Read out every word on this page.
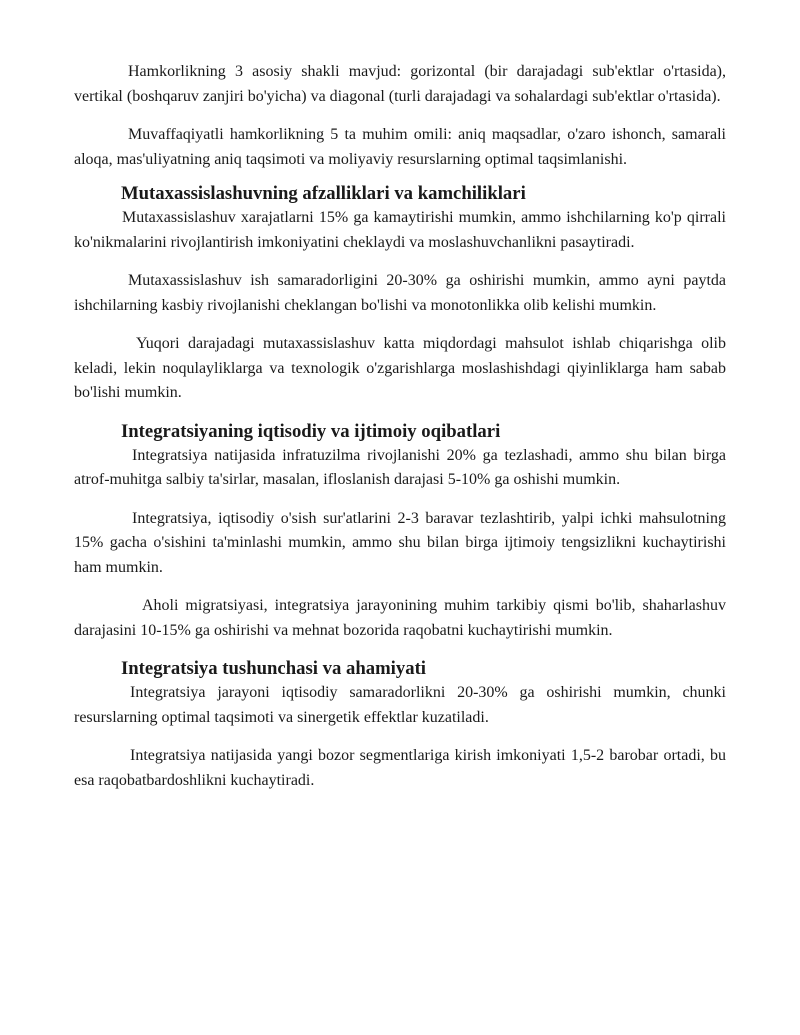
Hamkorlikning 3 asosiy shakli mavjud: gorizontal (bir darajadagi sub'ektlar o'rtasida), vertikal (boshqaruv zanjiri bo'yicha) va diagonal (turli darajadagi va sohalardagi sub'ektlar o'rtasida).

Muvaffaqiyatli hamkorlikning 5 ta muhim omili: aniq maqsadlar, o'zaro ishonch, samarali aloqa, mas'uliyatning aniq taqsimoti va moliyaviy resurslarning optimal taqsimlanishi.

Mutaxassislashuvning afzalliklari va kamchiliklari

Mutaxassislashuv xarajatlarni 15% ga kamaytirishi mumkin, ammo ishchilarning ko'p qirrali ko'nikmalarini rivojlantirish imkoniyatini cheklaydi va moslashuvchanlikni pasaytiradi.

Mutaxassislashuv ish samaradorligini 20-30% ga oshirishi mumkin, ammo ayni paytda ishchilarning kasbiy rivojlanishi cheklangan bo'lishi va monotonlikka olib kelishi mumkin.

Yuqori darajadagi mutaxassislashuv katta miqdordagi mahsulot ishlab chiqarishga olib keladi, lekin noqulayliklarga va texnologik o'zgarishlarga moslashishdagi qiyinliklarga ham sabab bo'lishi mumkin.

Integratsiyaning iqtisodiy va ijtimoiy oqibatlari

Integratsiya natijasida infratuzilma rivojlanishi 20% ga tezlashadi, ammo shu bilan birga atrof-muhitga salbiy ta'sirlar, masalan, ifloslanish darajasi 5-10% ga oshishi mumkin.

Integratsiya, iqtisodiy o'sish sur'atlarini 2-3 baravar tezlashtirib, yalpi ichki mahsulotning 15% gacha o'sishini ta'minlashi mumkin, ammo shu bilan birga ijtimoiy tengsizlikni kuchaytirishi ham mumkin.

Aholi migratsiyasi, integratsiya jarayonining muhim tarkibiy qismi bo'lib, shaharlashuv darajasini 10-15% ga oshirishi va mehnat bozorida raqobatni kuchaytirishi mumkin.

Integratsiya tushunchasi va ahamiyati

Integratsiya jarayoni iqtisodiy samaradorlikni 20-30% ga oshirishi mumkin, chunki resurslarning optimal taqsimoti va sinergetik effektlar kuzatiladi.

Integratsiya natijasida yangi bozor segmentlariga kirish imkoniyati 1,5-2 barobar ortadi, bu esa raqobatbardoshlikni kuchaytiradi.
